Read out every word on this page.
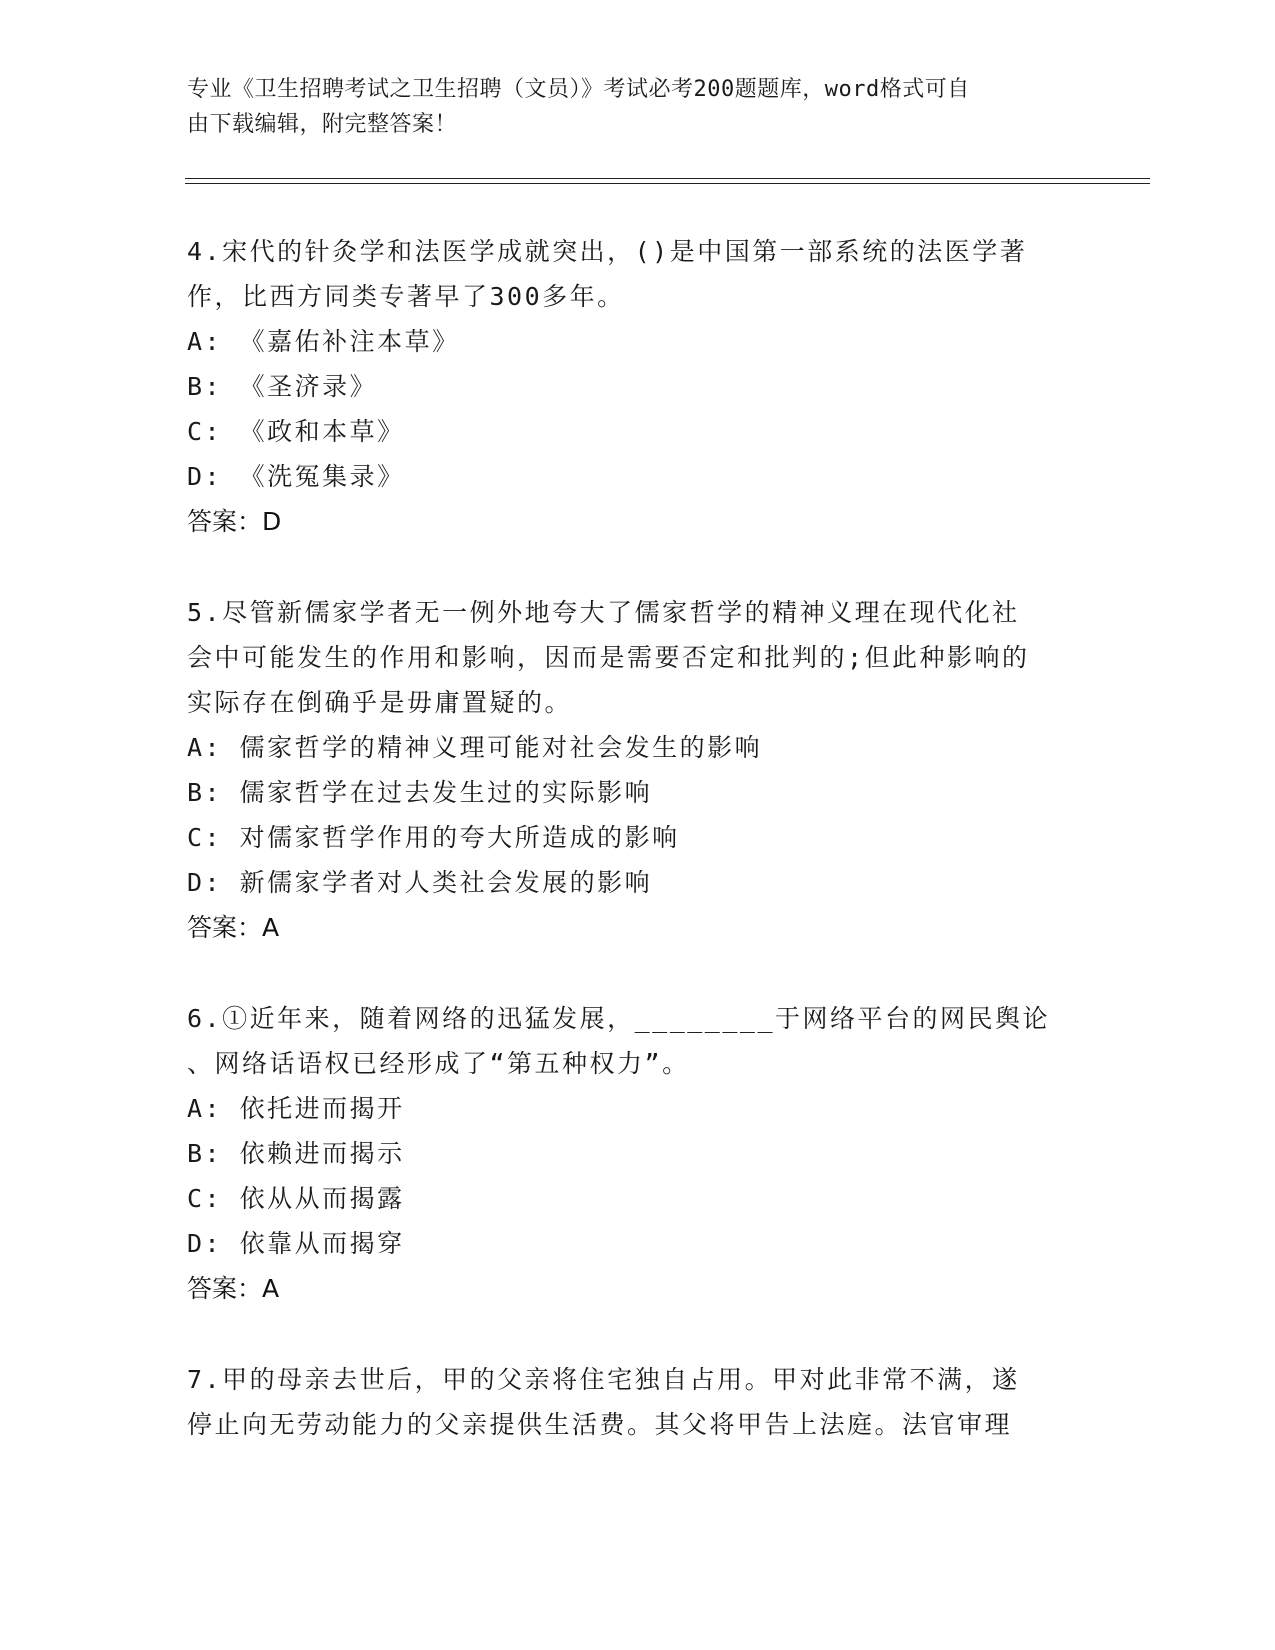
专业《卫生招聘考试之卫生招聘（文员）》考试必考200题题库，word格式可自
由下载编辑，附完整答案！
4.宋代的针灸学和法医学成就突出，()是中国第一部系统的法医学著
作，比西方同类专著早了300多年。
A: 《嘉佑补注本草》
B: 《圣济录》
C: 《政和本草》
D: 《洗冤集录》
答案：D
5.尽管新儒家学者无一例外地夸大了儒家哲学的精神义理在现代化社
会中可能发生的作用和影响，因而是需要否定和批判的;但此种影响的
实际存在倒确乎是毋庸置疑的。
A: 儒家哲学的精神义理可能对社会发生的影响
B: 儒家哲学在过去发生过的实际影响
C: 对儒家哲学作用的夸大所造成的影响
D: 新儒家学者对人类社会发展的影响
答案：A
6.①近年来，随着网络的迅猛发展，________于网络平台的网民舆论
、网络话语权已经形成了“第五种权力”。
A: 依托进而揭开
B: 依赖进而揭示
C: 依从从而揭露
D: 依靠从而揭穿
答案：A
7.甲的母亲去世后，甲的父亲将住宅独自占用。甲对此非常不满，遂
停止向无劳动能力的父亲提供生活费。其父将甲告上法庭。法官审理
